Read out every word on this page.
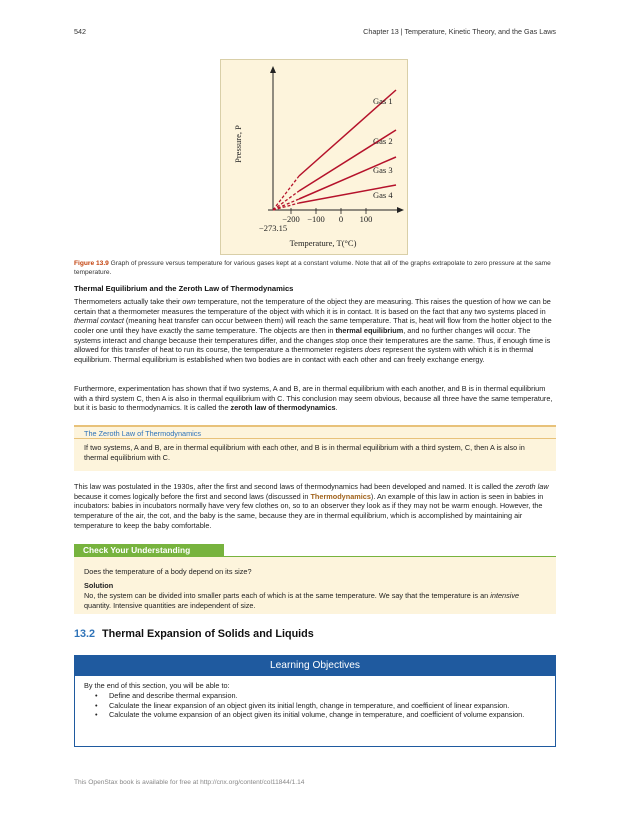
542	Chapter 13 | Temperature, Kinetic Theory, and the Gas Laws
Gas 1
Gas 2
Gas 3
Gas 4
−200 −100 0 100
−273.15
Temperature, T(°C)
Pressure, P
Figure 13.9 Graph of pressure versus temperature for various gases kept at a constant volume. Note that all of the graphs extrapolate to zero pressure at the same temperature.
Thermal Equilibrium and the Zeroth Law of Thermodynamics
Thermometers actually take their own temperature, not the temperature of the object they are measuring. This raises the question of how we can be certain that a thermometer measures the temperature of the object with which it is in contact. It is based on the fact that any two systems placed in thermal contact (meaning heat transfer can occur between them) will reach the same temperature. That is, heat will flow from the hotter object to the cooler one until they have exactly the same temperature. The objects are then in thermal equilibrium, and no further changes will occur. The systems interact and change because their temperatures differ, and the changes stop once their temperatures are the same. Thus, if enough time is allowed for this transfer of heat to run its course, the temperature a thermometer registers does represent the system with which it is in thermal equilibrium. Thermal equilibrium is established when two bodies are in contact with each other and can freely exchange energy.
Furthermore, experimentation has shown that if two systems, A and B, are in thermal equilibrium with each another, and B is in thermal equilibrium with a third system C, then A is also in thermal equilibrium with C. This conclusion may seem obvious, because all three have the same temperature, but it is basic to thermodynamics. It is called the zeroth law of thermodynamics.
The Zeroth Law of Thermodynamics
If two systems, A and B, are in thermal equilibrium with each other, and B is in thermal equilibrium with a third system, C, then A is also in thermal equilibrium with C.
This law was postulated in the 1930s, after the first and second laws of thermodynamics had been developed and named. It is called the zeroth law because it comes logically before the first and second laws (discussed in Thermodynamics). An example of this law in action is seen in babies in incubators: babies in incubators normally have very few clothes on, so to an observer they look as if they may not be warm enough. However, the temperature of the air, the cot, and the baby is the same, because they are in thermal equilibrium, which is accomplished by maintaining air temperature to keep the baby comfortable.
Check Your Understanding
Does the temperature of a body depend on its size?
Solution
No, the system can be divided into smaller parts each of which is at the same temperature. We say that the temperature is an intensive quantity. Intensive quantities are independent of size.
13.2 Thermal Expansion of Solids and Liquids
Learning Objectives
By the end of this section, you will be able to:
• Define and describe thermal expansion.
• Calculate the linear expansion of an object given its initial length, change in temperature, and coefficient of linear expansion.
• Calculate the volume expansion of an object given its initial volume, change in temperature, and coefficient of volume expansion.
This OpenStax book is available for free at http://cnx.org/content/col11844/1.14
